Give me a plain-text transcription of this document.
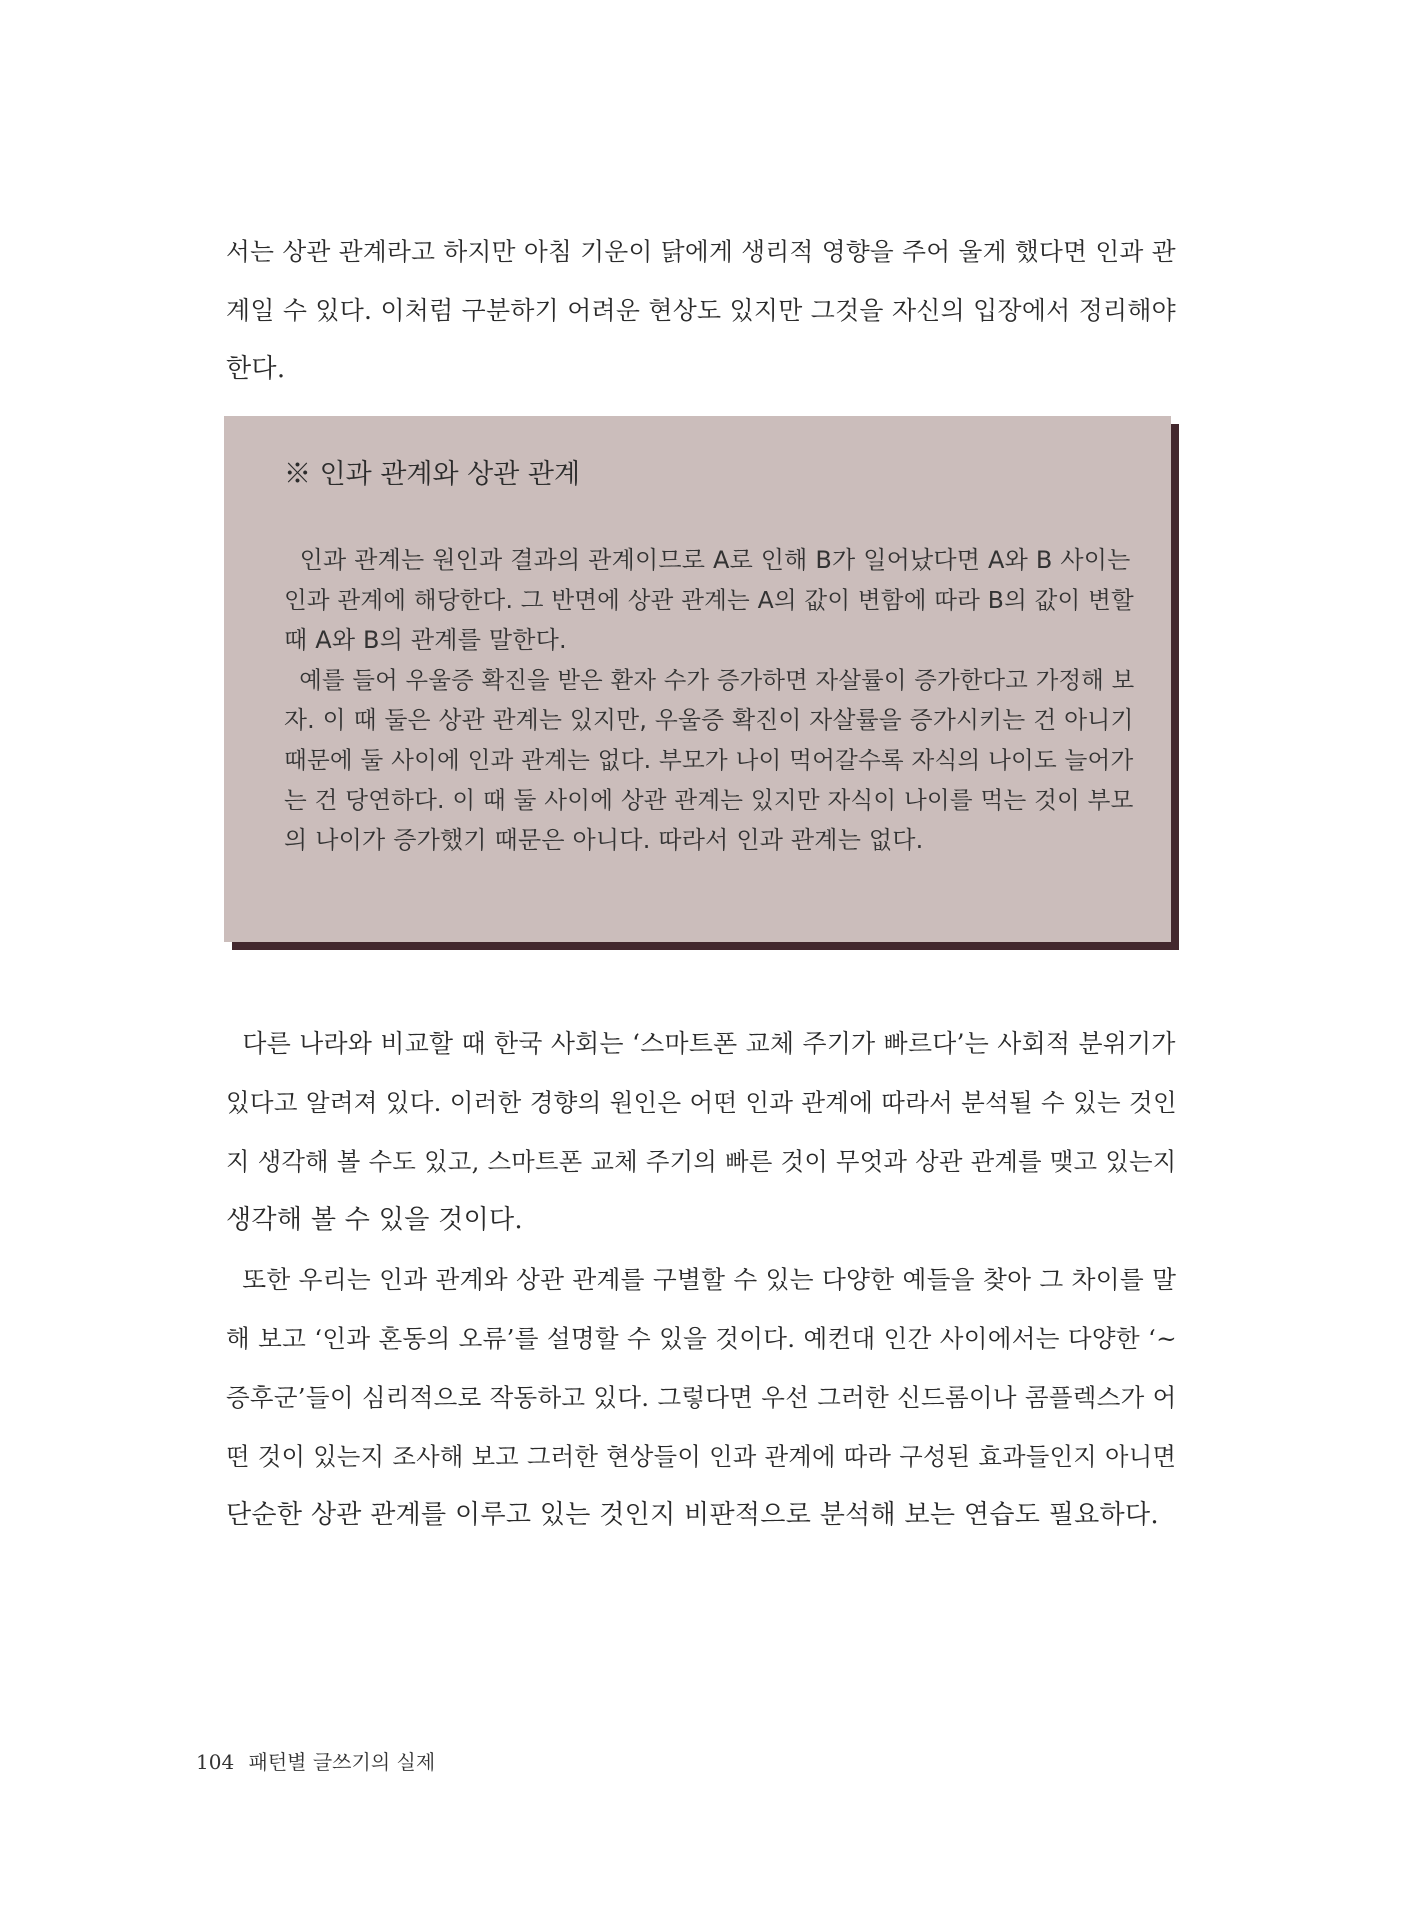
서는 상관 관계라고 하지만 아침 기운이 닭에게 생리적 영향을 주어 울게 했다면 인과 관
계일 수 있다. 이처럼 구분하기 어려운 현상도 있지만 그것을 자신의 입장에서 정리해야
한다.
※ 인과 관계와 상관 관계
인과 관계는 원인과 결과의 관계이므로 A로 인해 B가 일어났다면 A와 B 사이는
인과 관계에 해당한다. 그 반면에 상관 관계는 A의 값이 변함에 따라 B의 값이 변할
때 A와 B의 관계를 말한다.
예를 들어 우울증 확진을 받은 환자 수가 증가하면 자살률이 증가한다고 가정해 보
자. 이 때 둘은 상관 관계는 있지만, 우울증 확진이 자살률을 증가시키는 건 아니기
때문에 둘 사이에 인과 관계는 없다. 부모가 나이 먹어갈수록 자식의 나이도 늘어가
는 건 당연하다. 이 때 둘 사이에 상관 관계는 있지만 자식이 나이를 먹는 것이 부모
의 나이가 증가했기 때문은 아니다. 따라서 인과 관계는 없다.
다른 나라와 비교할 때 한국 사회는 ‘스마트폰 교체 주기가 빠르다’는 사회적 분위기가
있다고 알려져 있다. 이러한 경향의 원인은 어떤 인과 관계에 따라서 분석될 수 있는 것인
지 생각해 볼 수도 있고, 스마트폰 교체 주기의 빠른 것이 무엇과 상관 관계를 맺고 있는지
생각해 볼 수 있을 것이다.
또한 우리는 인과 관계와 상관 관계를 구별할 수 있는 다양한 예들을 찾아 그 차이를 말
해 보고 ‘인과 혼동의 오류’를 설명할 수 있을 것이다. 예컨대 인간 사이에서는 다양한 ‘~
증후군’들이 심리적으로 작동하고 있다. 그렇다면 우선 그러한 신드롬이나 콤플렉스가 어
떤 것이 있는지 조사해 보고 그러한 현상들이 인과 관계에 따라 구성된 효과들인지 아니면
단순한 상관 관계를 이루고 있는 것인지 비판적으로 분석해 보는 연습도 필요하다.
104 패턴별 글쓰기의 실제
